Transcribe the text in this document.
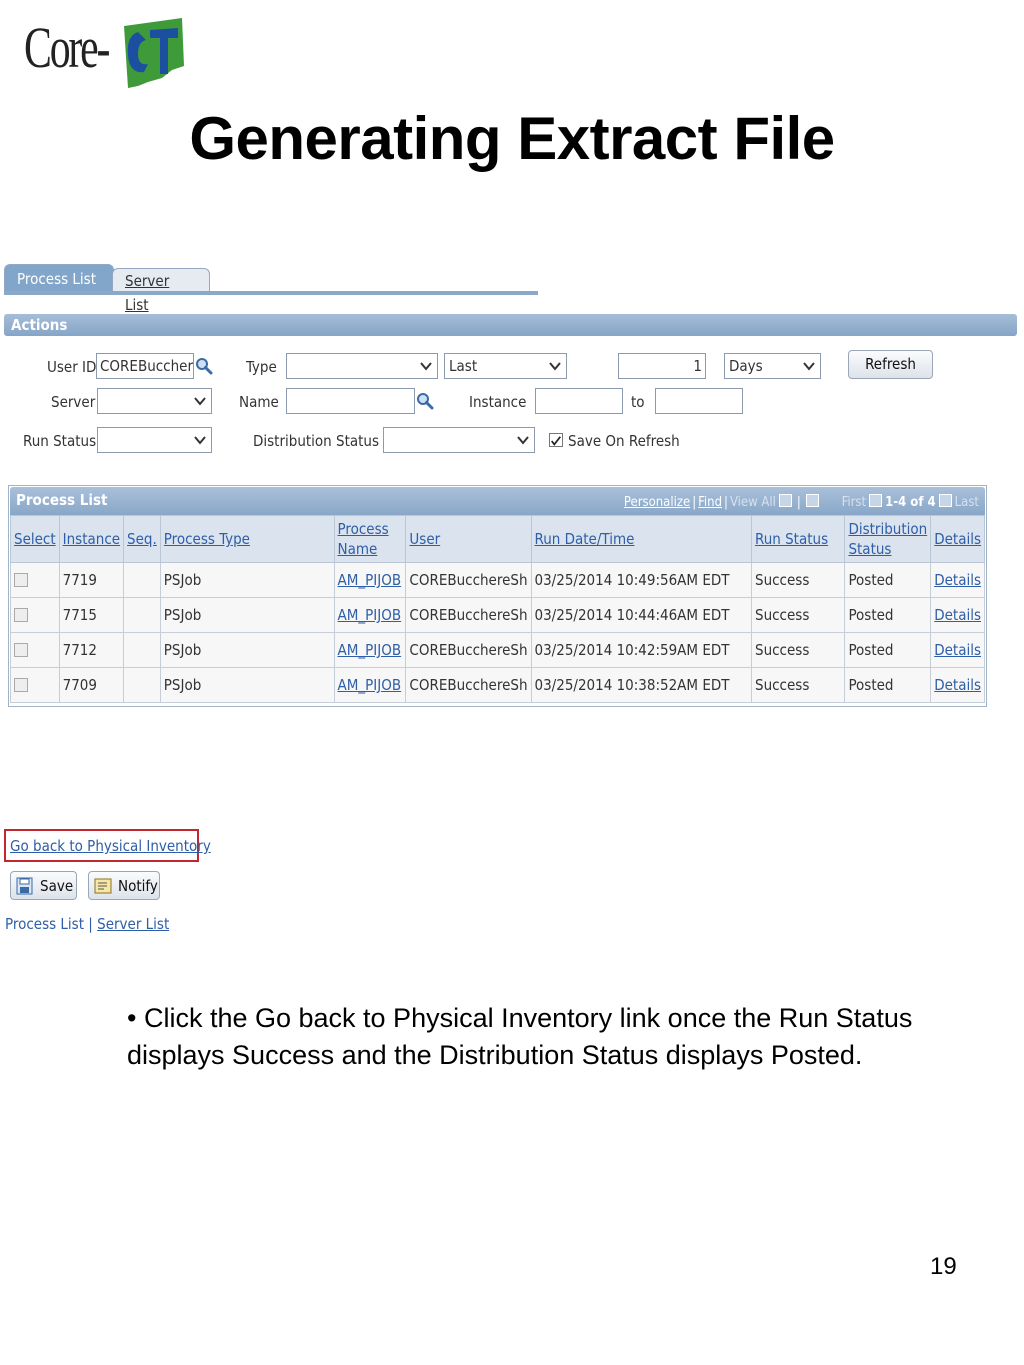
Core-
Generating Extract File
Process List	Server List
Actions
User ID COREBuccher	Type	Last	1	Days	Refresh
Server	Name	Instance	to
Run Status	Distribution Status	Save On Refresh
Process List	Personalize | Find | View All |	First 1-4 of 4 Last
Select	Instance	Seq.	Process Type	Process Name	User	Run Date/Time	Run Status	Distribution Status	Details

	7719		PSJob	AM_PIJOB	COREBucchereSh	03/25/2014 10:49:56AM EDT	Success	Posted	Details

	7715		PSJob	AM_PIJOB	COREBucchereSh	03/25/2014 10:44:46AM EDT	Success	Posted	Details

	7712		PSJob	AM_PIJOB	COREBucchereSh	03/25/2014 10:42:59AM EDT	Success	Posted	Details

	7709		PSJob	AM_PIJOB	COREBucchereSh	03/25/2014 10:38:52AM EDT	Success	Posted	Details
Go back to Physical Inventory
Save	Notify
Process List | Server List
• Click the Go back to Physical Inventory link once the Run Status displays Success and the Distribution Status displays Posted.
19
